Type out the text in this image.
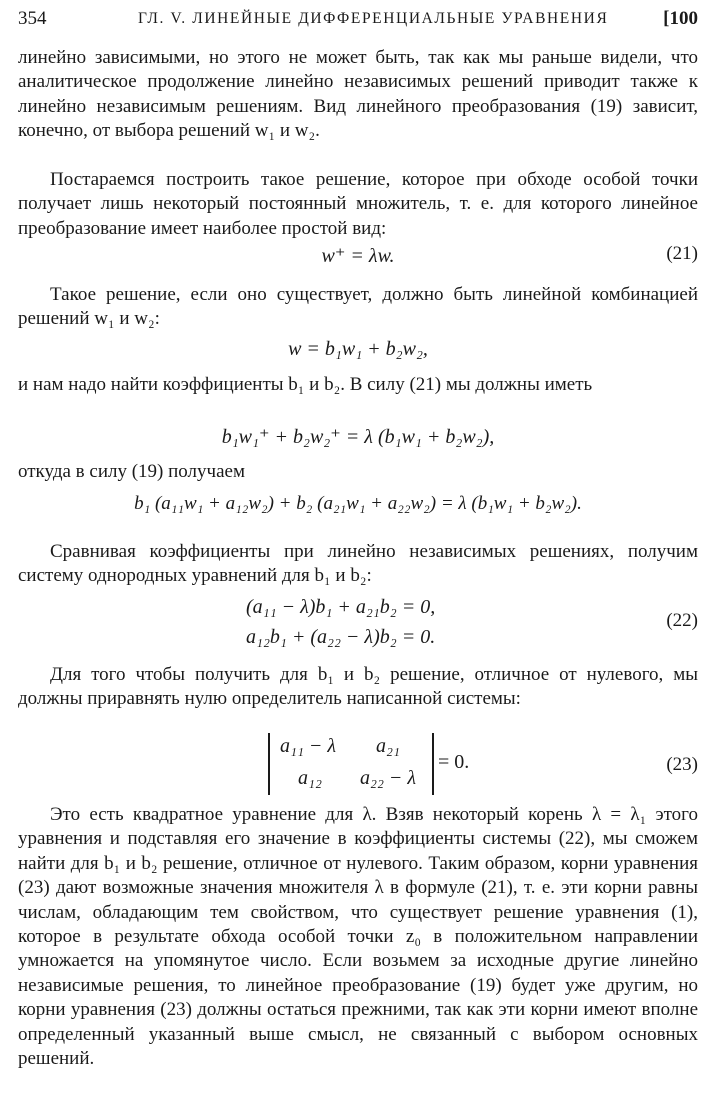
354	ГЛ. V. ЛИНЕЙНЫЕ ДИФФЕРЕНЦИАЛЬНЫЕ УРАВНЕНИЯ	[100
линейно зависимыми, но этого не может быть, так как мы раньше видели, что аналитическое продолжение линейно независимых решений приводит также к линейно независимым решениям. Вид линейного преобразования (19) зависит, конечно, от выбора решений w₁ и w₂.
Постараемся построить такое решение, которое при обходе особой точки получает лишь некоторый постоянный множитель, т. е. для которого линейное преобразование имеет наиболее простой вид:
w⁺ = λw.	(21)
Такое решение, если оно существует, должно быть линейной комбинацией решений w₁ и w₂:
w = b₁w₁ + b₂w₂,
и нам надо найти коэффициенты b₁ и b₂. В силу (21) мы должны иметь
b₁w₁⁺ + b₂w₂⁺ = λ (b₁w₁ + b₂w₂),
откуда в силу (19) получаем
b₁ (a₁₁w₁ + a₁₂w₂) + b₂ (a₂₁w₁ + a₂₂w₂) = λ (b₁w₁ + b₂w₂).
Сравнивая коэффициенты при линейно независимых решениях, получим систему однородных уравнений для b₁ и b₂:
(a₁₁ − λ)b₁ + a₂₁b₂ = 0,
a₁₂b₁ + (a₂₂ − λ)b₂ = 0.
(22)
Для того чтобы получить для b₁ и b₂ решение, отличное от нулевого, мы должны приравнять нулю определитель написанной системы:
a₁₁ − λ a₂₁
a₁₂ a₂₂ − λ
= 0.	(23)
Это есть квадратное уравнение для λ. Взяв некоторый корень λ = λ₁ этого уравнения и подставляя его значение в коэффициенты системы (22), мы сможем найти для b₁ и b₂ решение, отличное от нулевого. Таким образом, корни уравнения (23) дают возможные значения множителя λ в формуле (21), т. е. эти корни равны числам, обладающим тем свойством, что существует решение уравнения (1), которое в результате обхода особой точки z₀ в положительном направлении умножается на упомянутое число. Если возьмем за исходные другие линейно независимые решения, то линейное преобразование (19) будет уже другим, но корни уравнения (23) должны остаться прежними, так как эти корни имеют вполне определенный указанный выше смысл, не связанный с выбором основных решений.
